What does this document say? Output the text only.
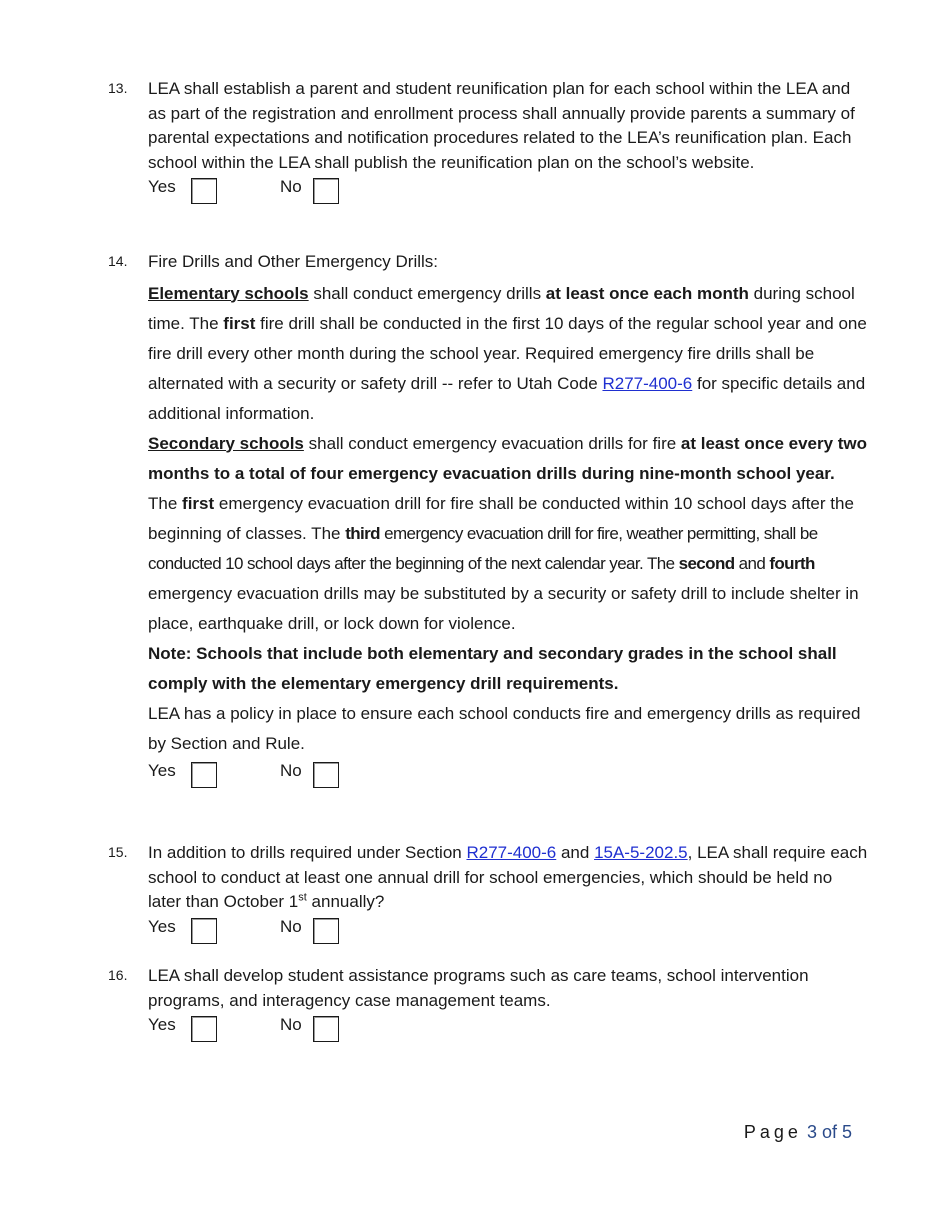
13. LEA shall establish a parent and student reunification plan for each school within the LEA and as part of the registration and enrollment process shall annually provide parents a summary of parental expectations and notification procedures related to the LEA’s reunification plan. Each school within the LEA shall publish the reunification plan on the school’s website.
Yes	No
14. Fire Drills and Other Emergency Drills:
Elementary schools shall conduct emergency drills at least once each month during school time. The first fire drill shall be conducted in the first 10 days of the regular school year and one fire drill every other month during the school year. Required emergency fire drills shall be alternated with a security or safety drill -- refer to Utah Code R277-400-6 for specific details and additional information.
Secondary schools shall conduct emergency evacuation drills for fire at least once every two months to a total of four emergency evacuation drills during nine-month school year. The first emergency evacuation drill for fire shall be conducted within 10 school days after the beginning of classes. The third emergency evacuation drill for fire, weather permitting, shall be conducted 10 school days after the beginning of the next calendar year. The second and fourth emergency evacuation drills may be substituted by a security or safety drill to include shelter in place, earthquake drill, or lock down for violence.
Note: Schools that include both elementary and secondary grades in the school shall comply with the elementary emergency drill requirements.
LEA has a policy in place to ensure each school conducts fire and emergency drills as required by Section and Rule.
Yes	No
15. In addition to drills required under Section R277-400-6 and 15A-5-202.5, LEA shall require each school to conduct at least one annual drill for school emergencies, which should be held no later than October 1st annually?
Yes	No
16. LEA shall develop student assistance programs such as care teams, school intervention programs, and interagency case management teams.
Yes	No
Page 3 of 5
